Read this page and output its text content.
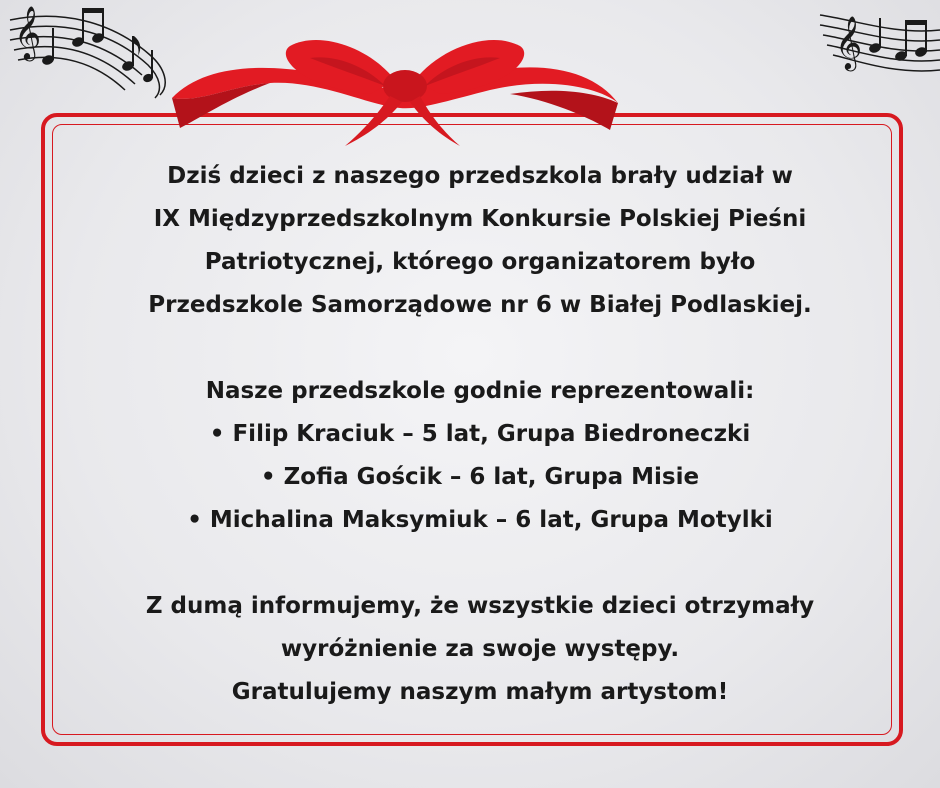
𝄞	𝄞
Dziś dzieci z naszego przedszkola brały udział w
IX Międzyprzedszkolnym Konkursie Polskiej Pieśni
Patriotycznej, którego organizatorem było
Przedszkole Samorządowe nr 6 w Białej Podlaskiej.
Nasze przedszkole godnie reprezentowali:
• Filip Kraciuk – 5 lat, Grupa Biedroneczki
• Zofia Gościk – 6 lat, Grupa Misie
• Michalina Maksymiuk – 6 lat, Grupa Motylki
Z dumą informujemy, że wszystkie dzieci otrzymały
wyróżnienie za swoje występy.
Gratulujemy naszym małym artystom!
